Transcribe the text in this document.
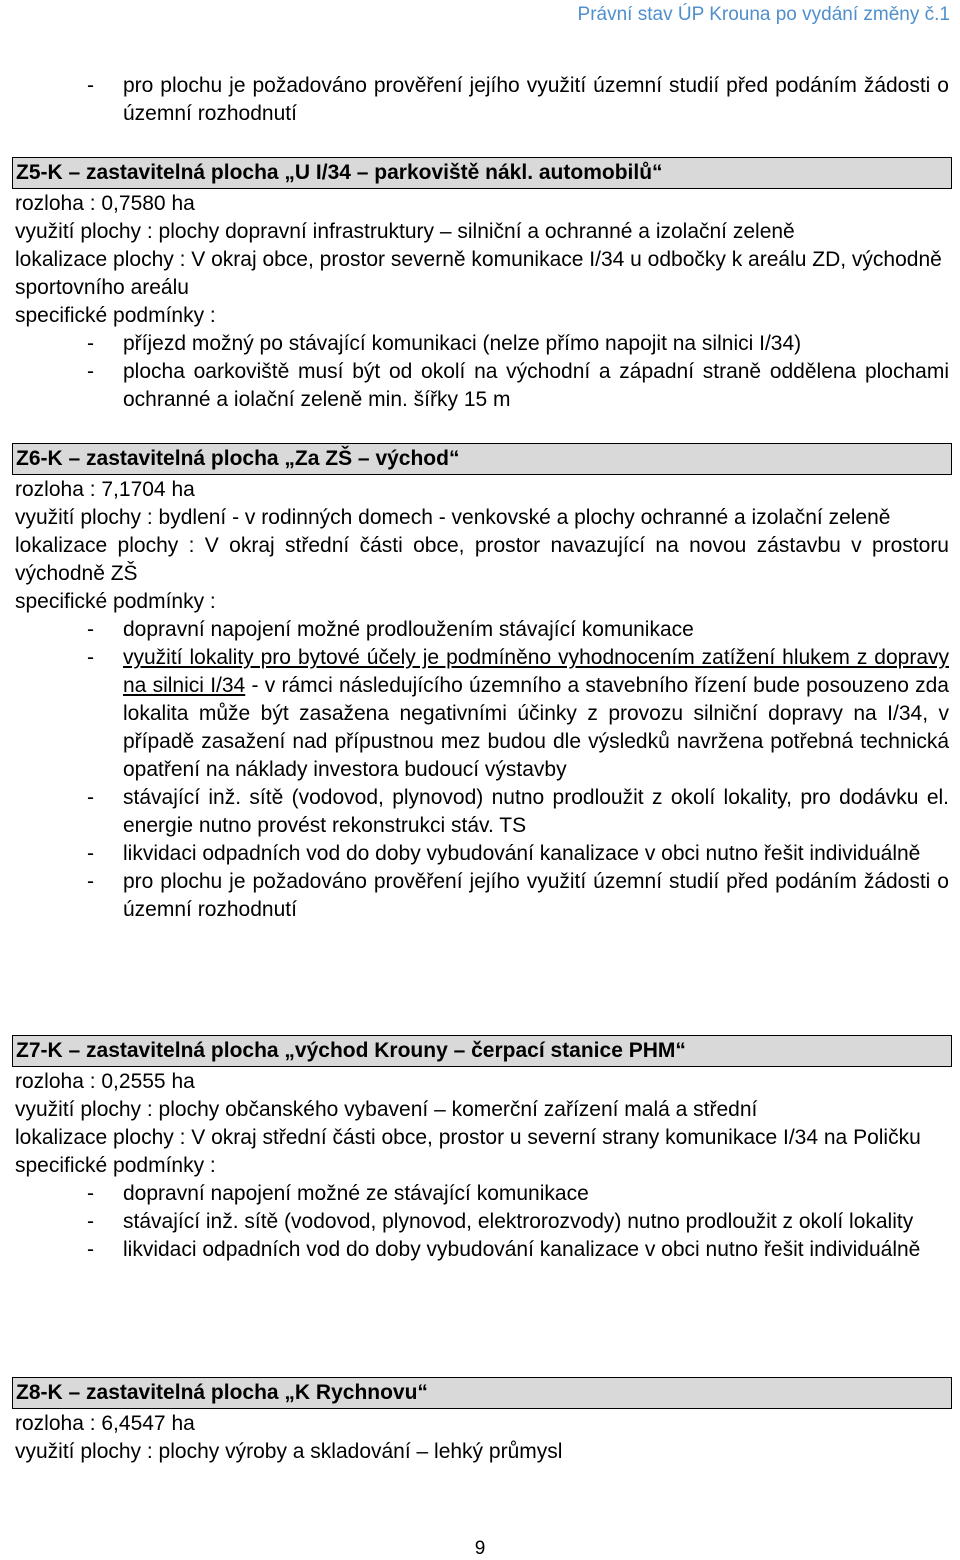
Právní stav ÚP Krouna po vydání změny č.1
- pro plochu je požadováno prověření jejího využití územní studií před podáním žádosti o územní rozhodnutí
Z5-K – zastavitelná plocha „U I/34 – parkoviště nákl. automobilů“

rozloha : 0,7580 ha

využití plochy : plochy dopravní infrastruktury – silniční a ochranné a izolační zeleně

lokalizace plochy : V okraj obce, prostor severně komunikace I/34 u odbočky k areálu ZD, východně sportovního areálu

specifické podmínky :

- příjezd možný po stávající komunikaci (nelze přímo napojit na silnici I/34)
- plocha oarkoviště musí být od okolí na východní a západní straně oddělena plochami ochranné a iolační zeleně min. šířky 15 m
Z6-K – zastavitelná plocha „Za ZŠ – východ“

rozloha : 7,1704 ha

využití plochy : bydlení - v rodinných domech - venkovské a plochy ochranné a izolační zeleně

lokalizace plochy : V okraj střední části obce, prostor navazující na novou zástavbu v prostoru východně ZŠ

specifické podmínky :

- dopravní napojení možné prodloužením stávající komunikace
- využití lokality pro bytové účely je podmíněno vyhodnocením zatížení hlukem z dopravy na silnici I/34 - v rámci následujícího územního a stavebního řízení bude posouzeno zda lokalita může být zasažena negativními účinky z provozu silniční dopravy na I/34, v případě zasažení nad přípustnou mez budou dle výsledků navržena potřebná technická opatření na náklady investora budoucí výstavby
- stávající inž. sítě (vodovod, plynovod) nutno prodloužit z okolí lokality, pro dodávku el. energie nutno provést rekonstrukci stáv. TS
- likvidaci odpadních vod do doby vybudování kanalizace v obci nutno řešit individuálně
- pro plochu je požadováno prověření jejího využití územní studií před podáním žádosti o územní rozhodnutí
Z7-K – zastavitelná plocha „východ Krouny – čerpací stanice PHM“

rozloha : 0,2555 ha

využití plochy : plochy občanského vybavení – komerční zařízení malá a střední

lokalizace plochy : V okraj střední části obce, prostor u severní strany komunikace I/34 na Poličku

specifické podmínky :

- dopravní napojení možné ze stávající komunikace
- stávající inž. sítě (vodovod, plynovod, elektrorozvody) nutno prodloužit z okolí lokality
- likvidaci odpadních vod do doby vybudování kanalizace v obci nutno řešit individuálně
Z8-K – zastavitelná plocha „K Rychnovu“

rozloha : 6,4547 ha

využití plochy : plochy výroby a skladování – lehký průmysl

9
